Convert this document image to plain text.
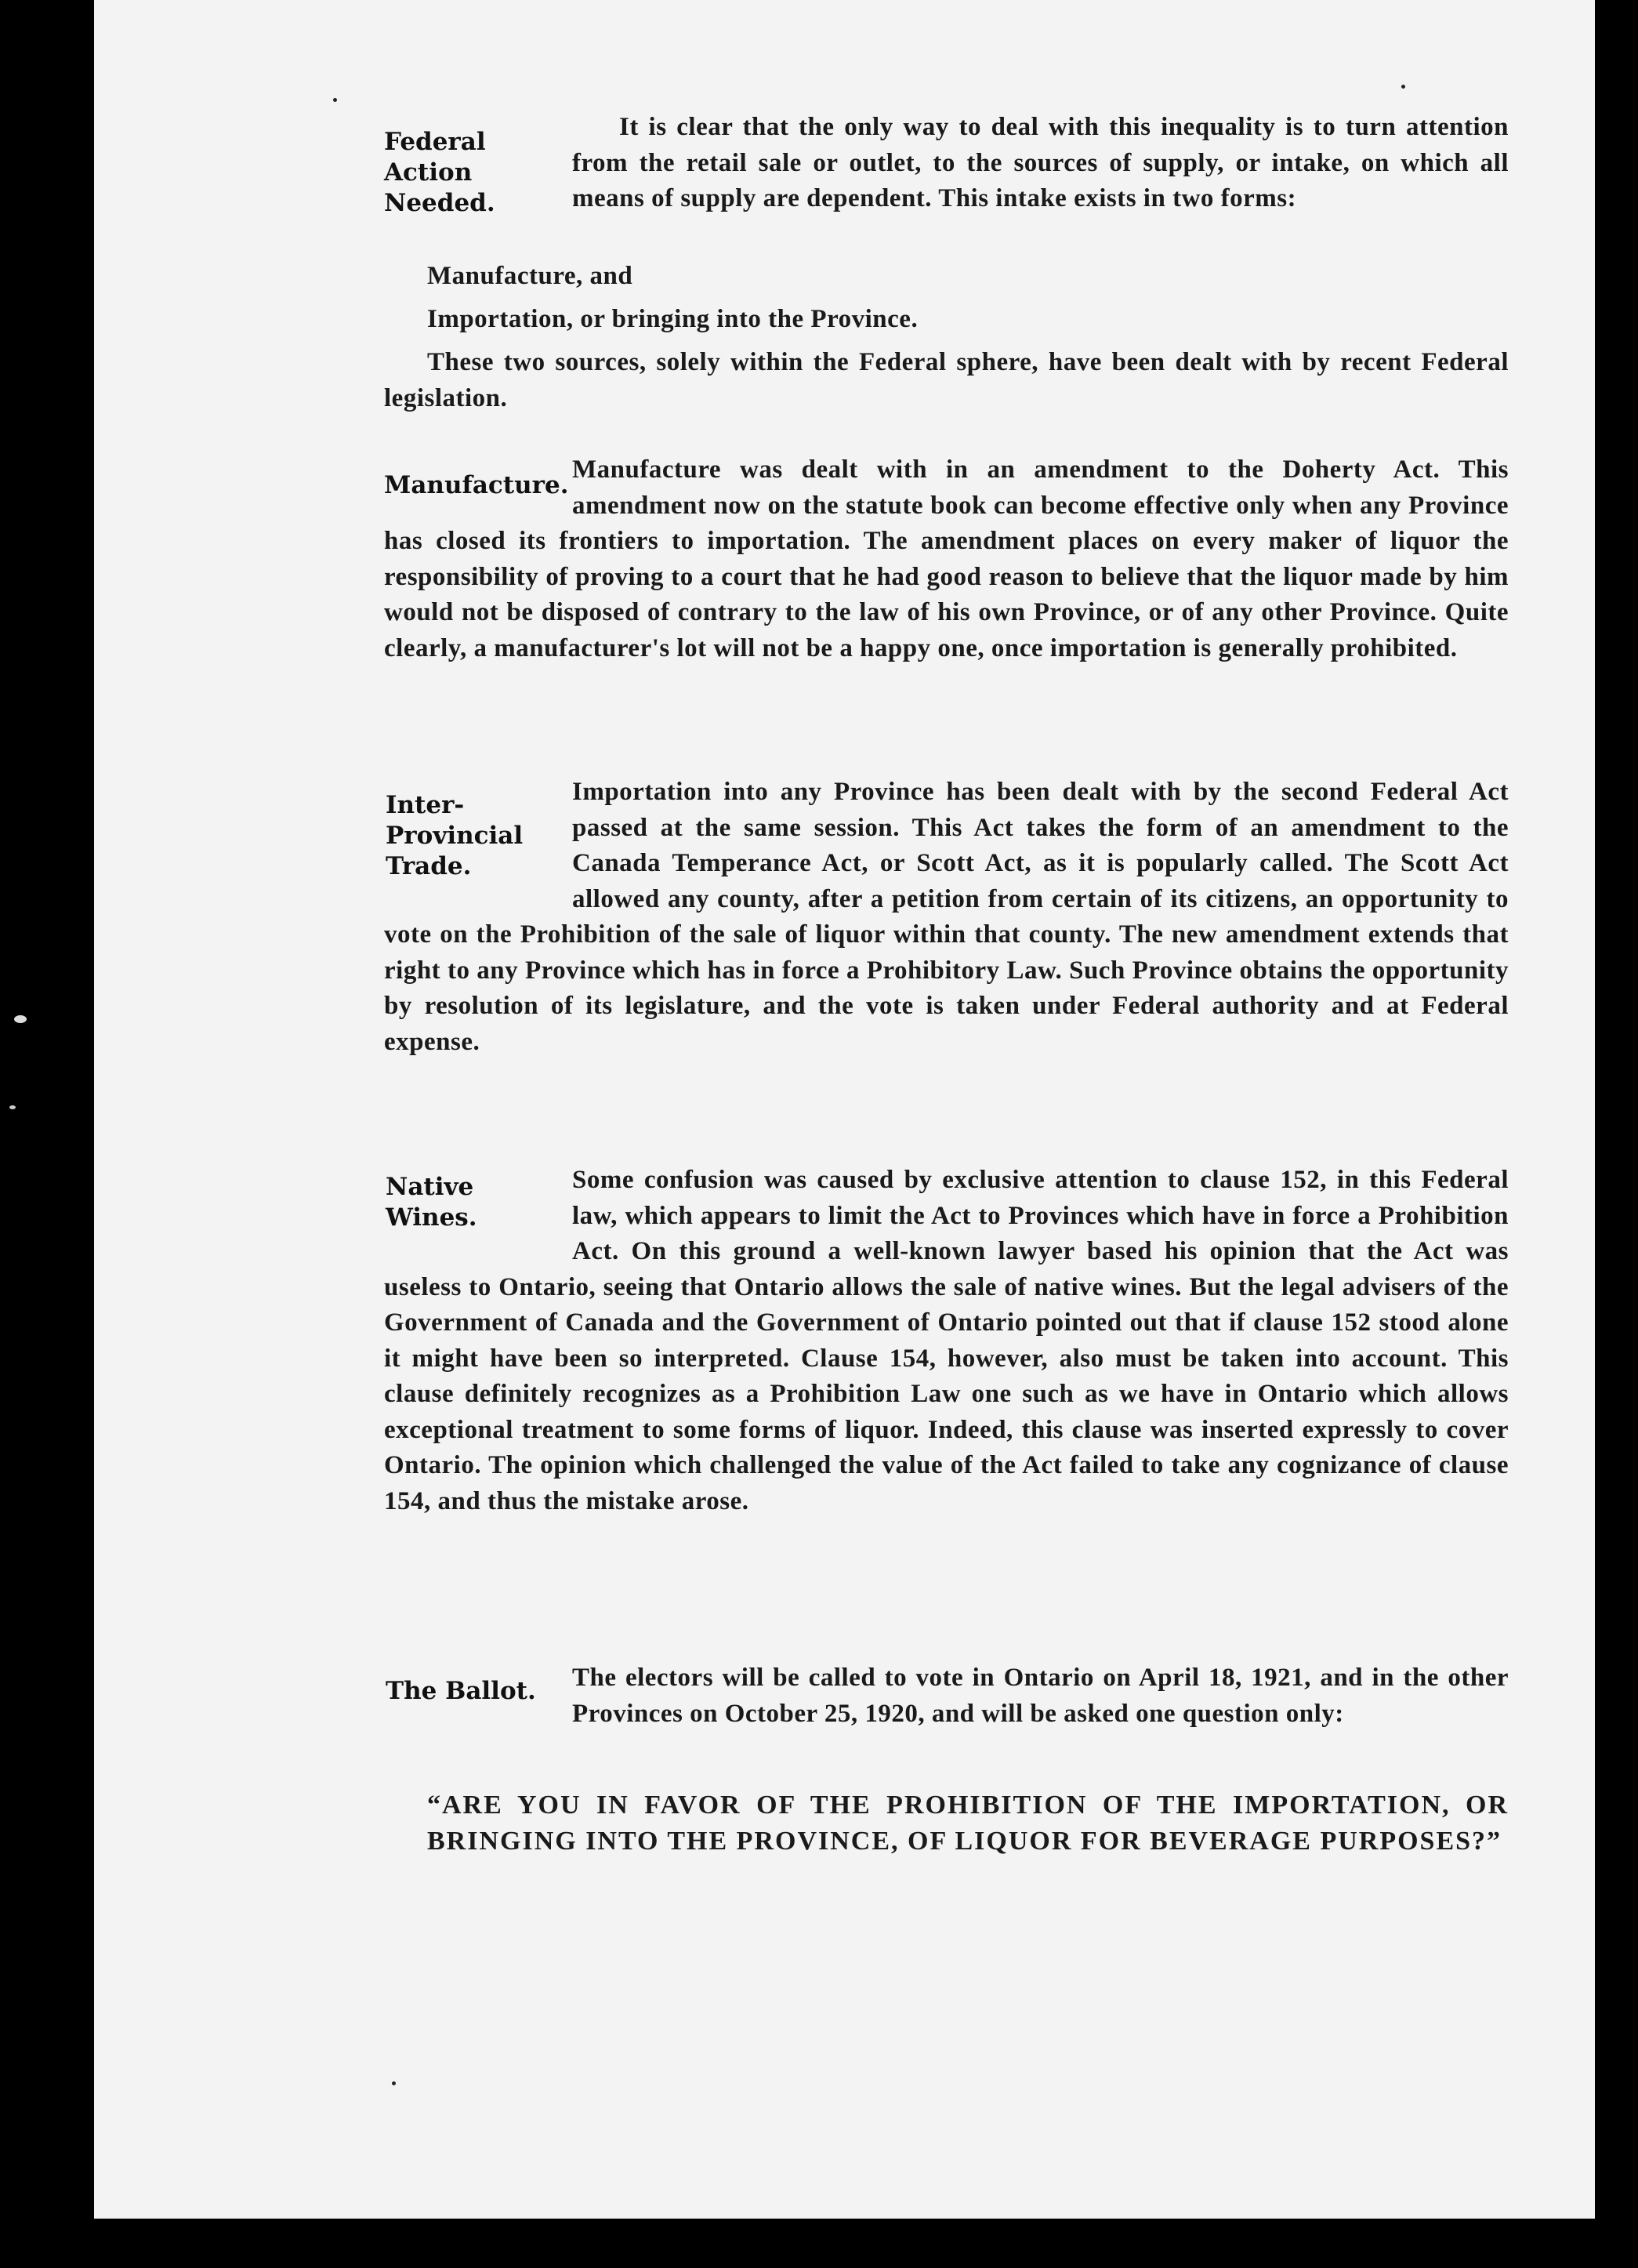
Federal
Action
Needed.

It is clear that the only way to deal with this inequality is to turn attention from the retail sale or outlet, to the sources of supply, or intake, on which all means of supply are dependent. This intake exists in two forms:

Manufacture, and

Importation, or bringing into the Province.

These two sources, solely within the Federal sphere, have been dealt with by recent Federal legislation.

Manufacture.

Manufacture was dealt with in an amendment to the Doherty Act. This amendment now on the statute book can become effective only when any Province has closed its frontiers to importation. The amendment places on every maker of liquor the responsibility of proving to a court that he had good reason to believe that the liquor made by him would not be disposed of contrary to the law of his own Province, or of any other Province. Quite clearly, a manufacturer's lot will not be a happy one, once importation is generally prohibited.

Inter-
Provincial
Trade.

Importation into any Province has been dealt with by the second Federal Act passed at the same session. This Act takes the form of an amendment to the Canada Temperance Act, or Scott Act, as it is popularly called. The Scott Act allowed any county, after a petition from certain of its citizens, an opportunity to vote on the Prohibition of the sale of liquor within that county. The new amendment extends that right to any Province which has in force a Prohibitory Law. Such Province obtains the opportunity by resolution of its legislature, and the vote is taken under Federal authority and at Federal expense.

Native
Wines.

Some confusion was caused by exclusive attention to clause 152, in this Federal law, which appears to limit the Act to Provinces which have in force a Prohibition Act. On this ground a well-known lawyer based his opinion that the Act was useless to Ontario, seeing that Ontario allows the sale of native wines. But the legal advisers of the Government of Canada and the Government of Ontario pointed out that if clause 152 stood alone it might have been so interpreted. Clause 154, however, also must be taken into account. This clause definitely recognizes as a Prohibition Law one such as we have in Ontario which allows exceptional treatment to some forms of liquor. Indeed, this clause was inserted expressly to cover Ontario. The opinion which challenged the value of the Act failed to take any cognizance of clause 154, and thus the mistake arose.

The Ballot.	The electors will be called to vote in Ontario on April 18, 1921, and in the other Provinces on October 25, 1920, and will be asked one question only:

“ARE YOU IN FAVOR OF THE PROHIBITION OF THE IMPORTATION, OR BRINGING INTO THE PROVINCE, OF LIQUOR FOR BEVERAGE PURPOSES?”
